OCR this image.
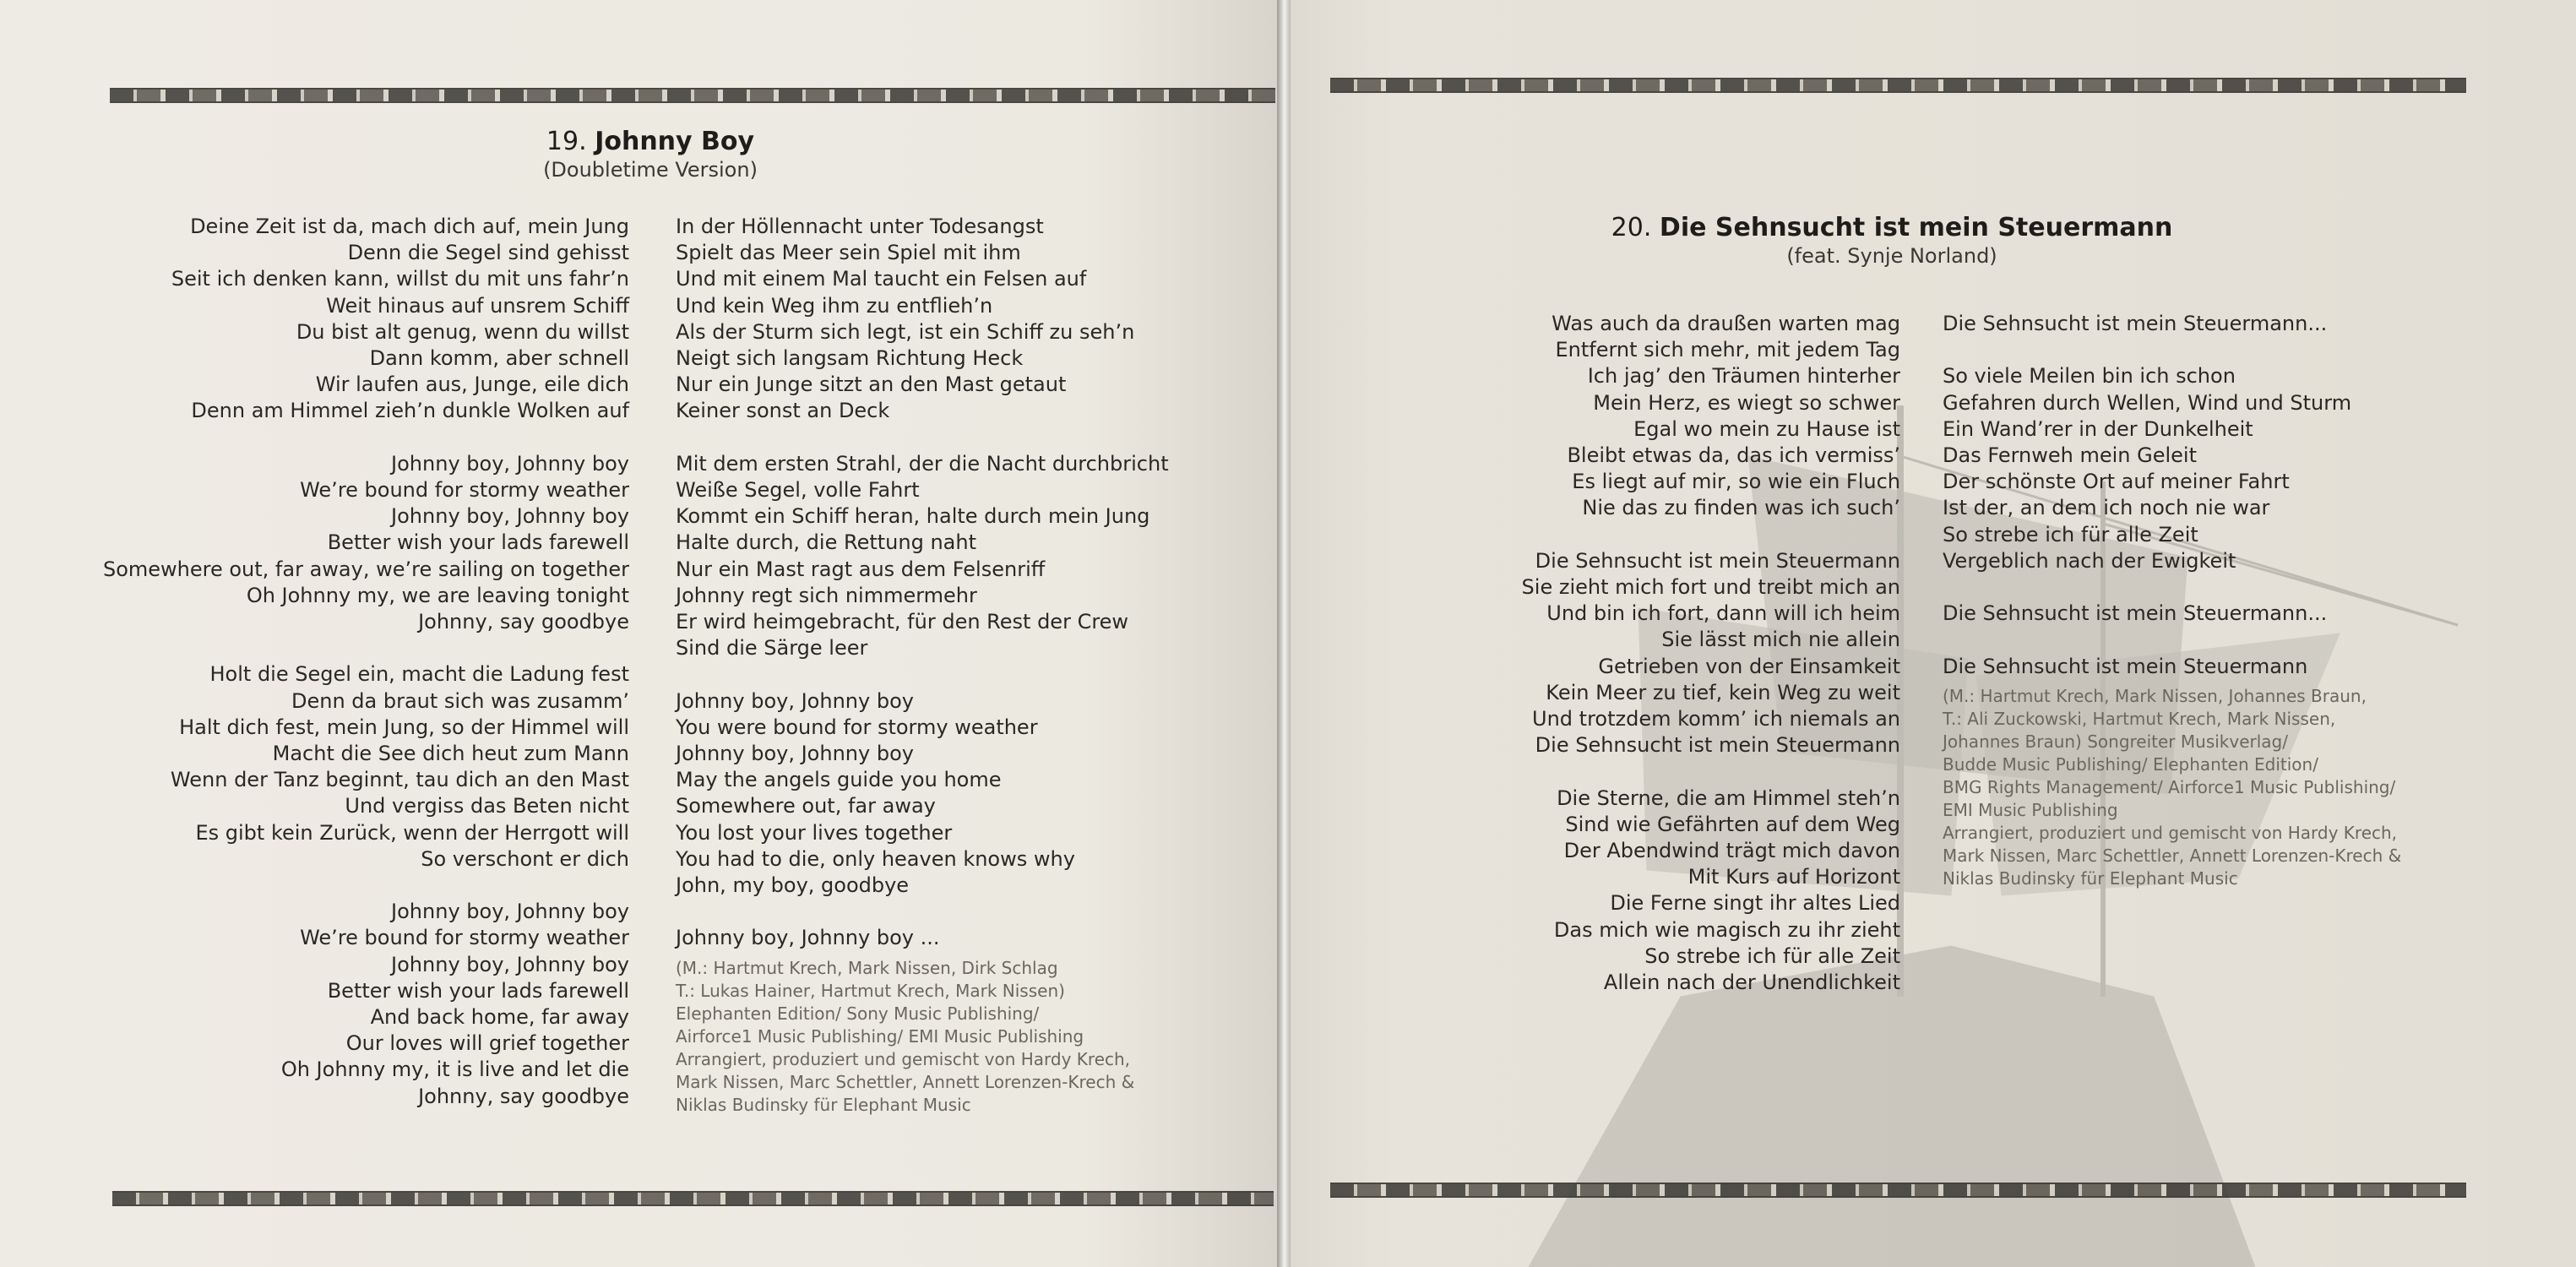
19. Johnny Boy
(Doubletime Version)
Deine Zeit ist da, mach dich auf, mein Jung
Denn die Segel sind gehisst
Seit ich denken kann, willst du mit uns fahr’n
Weit hinaus auf unsrem Schiff
Du bist alt genug, wenn du willst
Dann komm, aber schnell
Wir laufen aus, Junge, eile dich
Denn am Himmel zieh’n dunkle Wolken auf
Johnny boy, Johnny boy
We’re bound for stormy weather
Johnny boy, Johnny boy
Better wish your lads farewell
Somewhere out, far away, we’re sailing on together
Oh Johnny my, we are leaving tonight
Johnny, say goodbye
Holt die Segel ein, macht die Ladung fest
Denn da braut sich was zusamm’
Halt dich fest, mein Jung, so der Himmel will
Macht die See dich heut zum Mann
Wenn der Tanz beginnt, tau dich an den Mast
Und vergiss das Beten nicht
Es gibt kein Zurück, wenn der Herrgott will
So verschont er dich
Johnny boy, Johnny boy
We’re bound for stormy weather
Johnny boy, Johnny boy
Better wish your lads farewell
And back home, far away
Our loves will grief together
Oh Johnny my, it is live and let die
Johnny, say goodbye
In der Höllennacht unter Todesangst
Spielt das Meer sein Spiel mit ihm
Und mit einem Mal taucht ein Felsen auf
Und kein Weg ihm zu entflieh’n
Als der Sturm sich legt, ist ein Schiff zu seh’n
Neigt sich langsam Richtung Heck
Nur ein Junge sitzt an den Mast getaut
Keiner sonst an Deck
Mit dem ersten Strahl, der die Nacht durchbricht
Weiße Segel, volle Fahrt
Kommt ein Schiff heran, halte durch mein Jung
Halte durch, die Rettung naht
Nur ein Mast ragt aus dem Felsenriff
Johnny regt sich nimmermehr
Er wird heimgebracht, für den Rest der Crew
Sind die Särge leer
Johnny boy, Johnny boy
You were bound for stormy weather
Johnny boy, Johnny boy
May the angels guide you home
Somewhere out, far away
You lost your lives together
You had to die, only heaven knows why
John, my boy, goodbye
Johnny boy, Johnny boy ...
(M.: Hartmut Krech, Mark Nissen, Dirk Schlag
T.: Lukas Hainer, Hartmut Krech, Mark Nissen)
Elephanten Edition/ Sony Music Publishing/
Airforce1 Music Publishing/ EMI Music Publishing
Arrangiert, produziert und gemischt von Hardy Krech,
Mark Nissen, Marc Schettler, Annett Lorenzen-Krech &
Niklas Budinsky für Elephant Music
20. Die Sehnsucht ist mein Steuermann
(feat. Synje Norland)
Was auch da draußen warten mag
Entfernt sich mehr, mit jedem Tag
Ich jag’ den Träumen hinterher
Mein Herz, es wiegt so schwer
Egal wo mein zu Hause ist
Bleibt etwas da, das ich vermiss’
Es liegt auf mir, so wie ein Fluch
Nie das zu finden was ich such’
Die Sehnsucht ist mein Steuermann
Sie zieht mich fort und treibt mich an
Und bin ich fort, dann will ich heim
Sie lässt mich nie allein
Getrieben von der Einsamkeit
Kein Meer zu tief, kein Weg zu weit
Und trotzdem komm’ ich niemals an
Die Sehnsucht ist mein Steuermann
Die Sterne, die am Himmel steh’n
Sind wie Gefährten auf dem Weg
Der Abendwind trägt mich davon
Mit Kurs auf Horizont
Die Ferne singt ihr altes Lied
Das mich wie magisch zu ihr zieht
So strebe ich für alle Zeit
Allein nach der Unendlichkeit
Die Sehnsucht ist mein Steuermann...
So viele Meilen bin ich schon
Gefahren durch Wellen, Wind und Sturm
Ein Wand’rer in der Dunkelheit
Das Fernweh mein Geleit
Der schönste Ort auf meiner Fahrt
Ist der, an dem ich noch nie war
So strebe ich für alle Zeit
Vergeblich nach der Ewigkeit
Die Sehnsucht ist mein Steuermann...
Die Sehnsucht ist mein Steuermann
(M.: Hartmut Krech, Mark Nissen, Johannes Braun,
T.: Ali Zuckowski, Hartmut Krech, Mark Nissen,
Johannes Braun) Songreiter Musikverlag/
Budde Music Publishing/ Elephanten Edition/
BMG Rights Management/ Airforce1 Music Publishing/
EMI Music Publishing
Arrangiert, produziert und gemischt von Hardy Krech,
Mark Nissen, Marc Schettler, Annett Lorenzen-Krech &
Niklas Budinsky für Elephant Music
